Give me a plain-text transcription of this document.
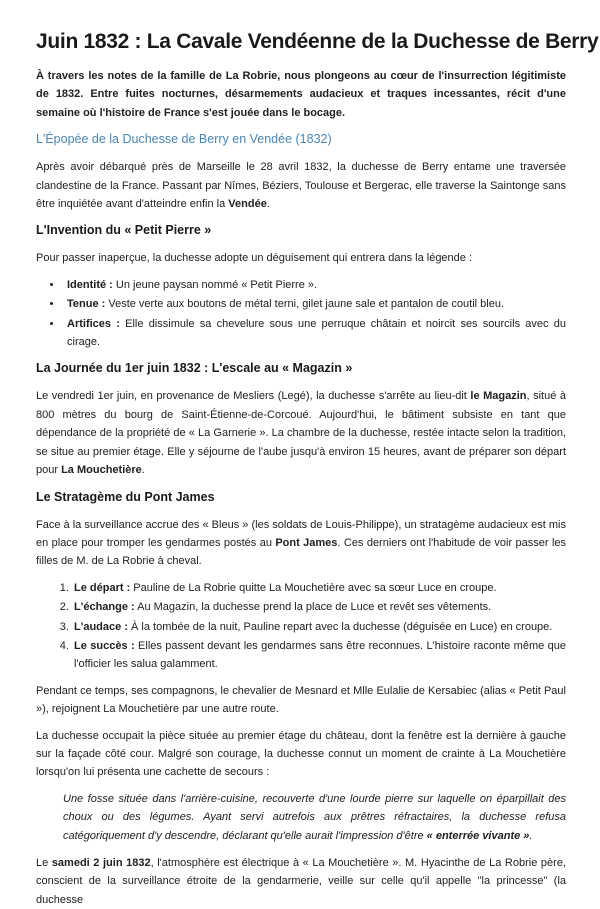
Juin 1832 : La Cavale Vendéenne de la Duchesse de Berry

À travers les notes de la famille de La Robrie, nous plongeons au cœur de l'insurrection légitimiste de 1832. Entre fuites nocturnes, désarmements audacieux et traques incessantes, récit d'une semaine où l'histoire de France s'est jouée dans le bocage.

L'Épopée de la Duchesse de Berry en Vendée (1832)

Après avoir débarqué près de Marseille le 28 avril 1832, la duchesse de Berry entame une traversée clandestine de la France. Passant par Nîmes, Béziers, Toulouse et Bergerac, elle traverse la Saintonge sans être inquiétée avant d'atteindre enfin la Vendée.

L'Invention du « Petit Pierre »

Pour passer inaperçue, la duchesse adopte un déguisement qui entrera dans la légende :

• Identité : Un jeune paysan nommé « Petit Pierre ».
• Tenue : Veste verte aux boutons de métal terni, gilet jaune sale et pantalon de coutil bleu.
• Artifices : Elle dissimule sa chevelure sous une perruque châtain et noircit ses sourcils avec du cirage.
La Journée du 1er juin 1832 : L'escale au « Magazin »

Le vendredi 1er juin, en provenance de Mesliers (Legé), la duchesse s'arrête au lieu-dit le Magazin, situé à 800 mètres du bourg de Saint-Étienne-de-Corcoué. Aujourd'hui, le bâtiment subsiste en tant que dépendance de la propriété de « La Garnerie ». La chambre de la duchesse, restée intacte selon la tradition, se situe au premier étage. Elle y séjourne de l'aube jusqu'à environ 15 heures, avant de préparer son départ pour La Mouchetière.

Le Stratagème du Pont James

Face à la surveillance accrue des « Bleus » (les soldats de Louis-Philippe), un stratagème audacieux est mis en place pour tromper les gendarmes postés au Pont James. Ces derniers ont l'habitude de voir passer les filles de M. de La Robrie à cheval.

1. Le départ : Pauline de La Robrie quitte La Mouchetière avec sa sœur Luce en croupe.
2. L'échange : Au Magazin, la duchesse prend la place de Luce et revêt ses vêtements.
3. L'audace : À la tombée de la nuit, Pauline repart avec la duchesse (déguisée en Luce) en croupe.
4. Le succès : Elles passent devant les gendarmes sans être reconnues. L'histoire raconte même que l'officier les salua galamment.

Pendant ce temps, ses compagnons, le chevalier de Mesnard et Mlle Eulalie de Kersabiec (alias « Petit Paul »), rejoignent La Mouchetière par une autre route.

La duchesse occupait la pièce située au premier étage du château, dont la fenêtre est la dernière à gauche sur la façade côté cour. Malgré son courage, la duchesse connut un moment de crainte à La Mouchetière lorsqu'on lui présenta une cachette de secours :

Une fosse située dans l'arrière-cuisine, recouverte d'une lourde pierre sur laquelle on éparpillait des choux ou des légumes. Ayant servi autrefois aux prêtres réfractaires, la duchesse refusa catégoriquement d'y descendre, déclarant qu'elle aurait l'impression d'être « enterrée vivante ».

Le samedi 2 juin 1832, l'atmosphère est électrique à « La Mouchetière ». M. Hyacinthe de La Robrie père, conscient de la surveillance étroite de la gendarmerie, veille sur celle qu'il appelle "la princesse" (la duchesse
